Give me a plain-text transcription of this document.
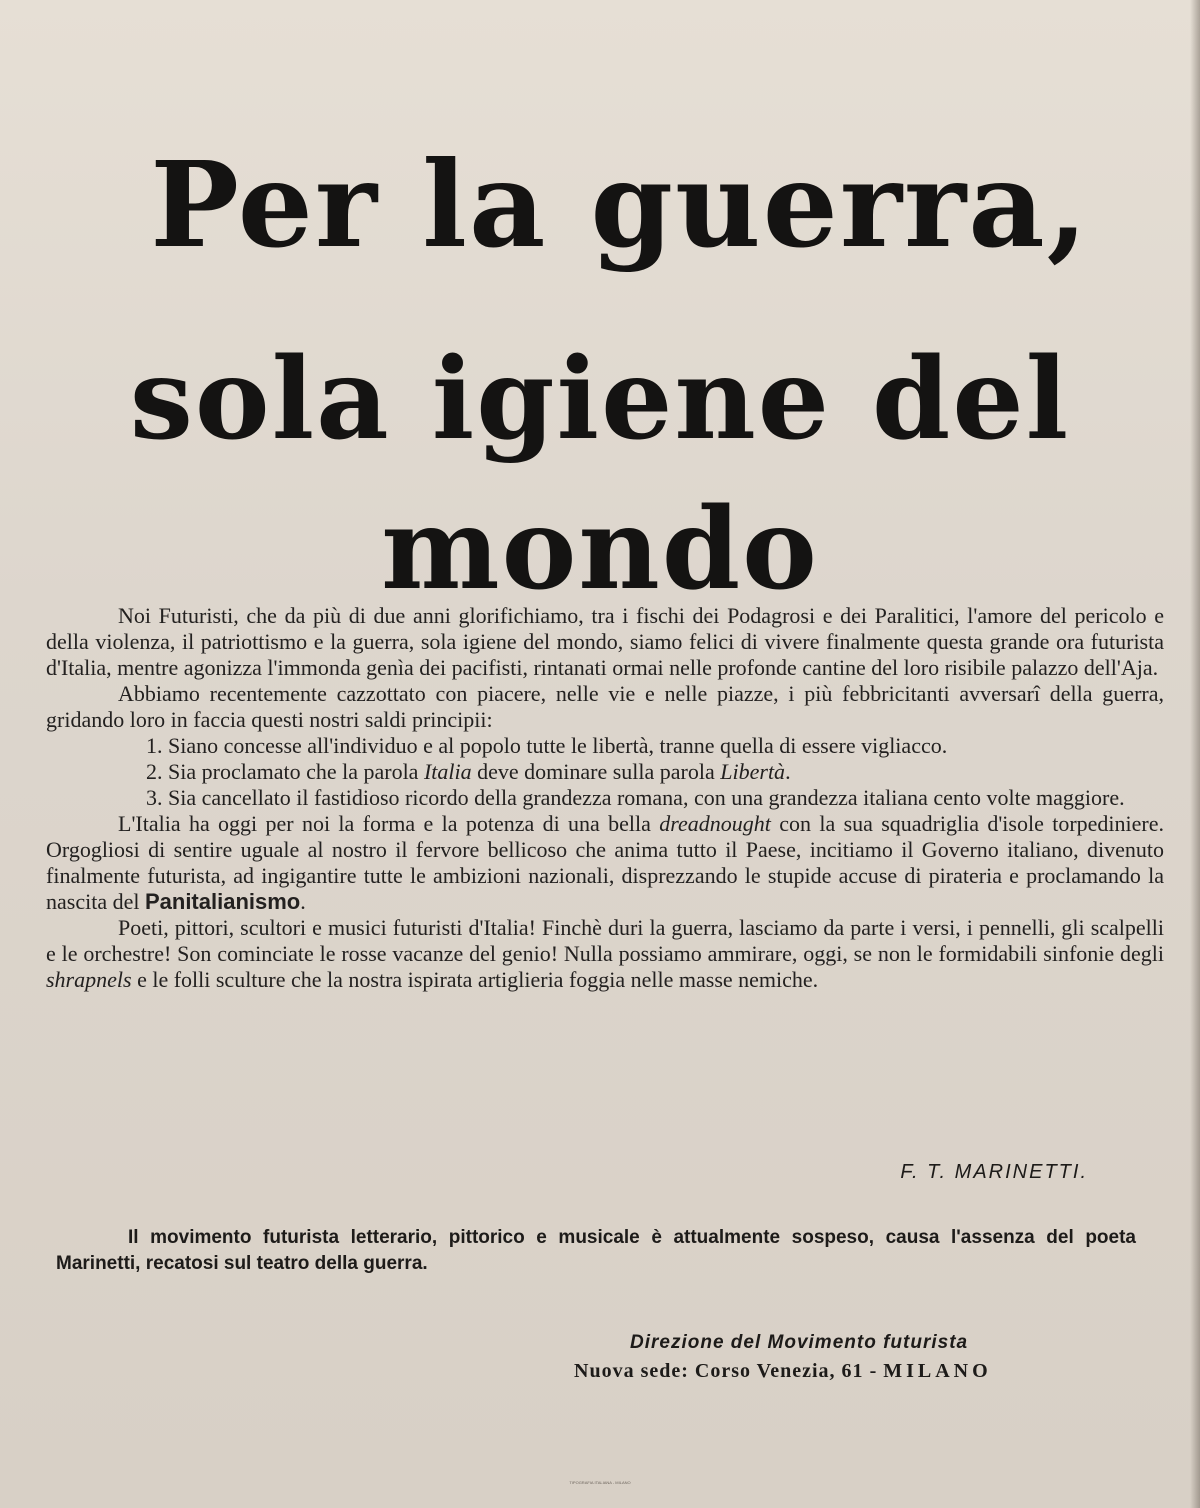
Per la guerra,
sola igiene del mondo

Noi Futuristi, che da più di due anni glorifichiamo, tra i fischi dei Podagrosi e dei Paralitici, l'amore del pericolo e della violenza, il patriottismo e la guerra, sola igiene del mondo, siamo felici di vivere finalmente questa grande ora futurista d'Italia, mentre agonizza l'immonda genìa dei pacifisti, rintanati ormai nelle profonde cantine del loro risibile palazzo dell'Aja.

Abbiamo recentemente cazzottato con piacere, nelle vie e nelle piazze, i più febbricitanti avversarî della guerra, gridando loro in faccia questi nostri saldi principii:

1. Siano concesse all'individuo e al popolo tutte le libertà, tranne quella di essere vigliacco.

2. Sia proclamato che la parola Italia deve dominare sulla parola Libertà.

3. Sia cancellato il fastidioso ricordo della grandezza romana, con una grandezza italiana cento volte maggiore.

L'Italia ha oggi per noi la forma e la potenza di una bella dreadnought con la sua squadriglia d'isole torpediniere. Orgogliosi di sentire uguale al nostro il fervore bellicoso che anima tutto il Paese, incitiamo il Governo italiano, divenuto finalmente futurista, ad ingigantire tutte le ambizioni nazionali, disprezzando le stupide accuse di pirateria e proclamando la nascita del Panitalianismo.

Poeti, pittori, scultori e musici futuristi d'Italia! Finchè duri la guerra, lasciamo da parte i versi, i pennelli, gli scalpelli e le orchestre! Son cominciate le rosse vacanze del genio! Nulla possiamo ammirare, oggi, se non le formidabili sinfonie degli shrapnels e le folli sculture che la nostra ispirata artiglieria foggia nelle masse nemiche.

F. T. MARINETTI.

Il movimento futurista letterario, pittorico e musicale è attualmente sospeso, causa l'assenza del poeta Marinetti, recatosi sul teatro della guerra.

Direzione del Movimento futurista

Nuova sede: Corso Venezia, 61 - MILANO

TIPOGRAFIA ITALIANA - MILANO
